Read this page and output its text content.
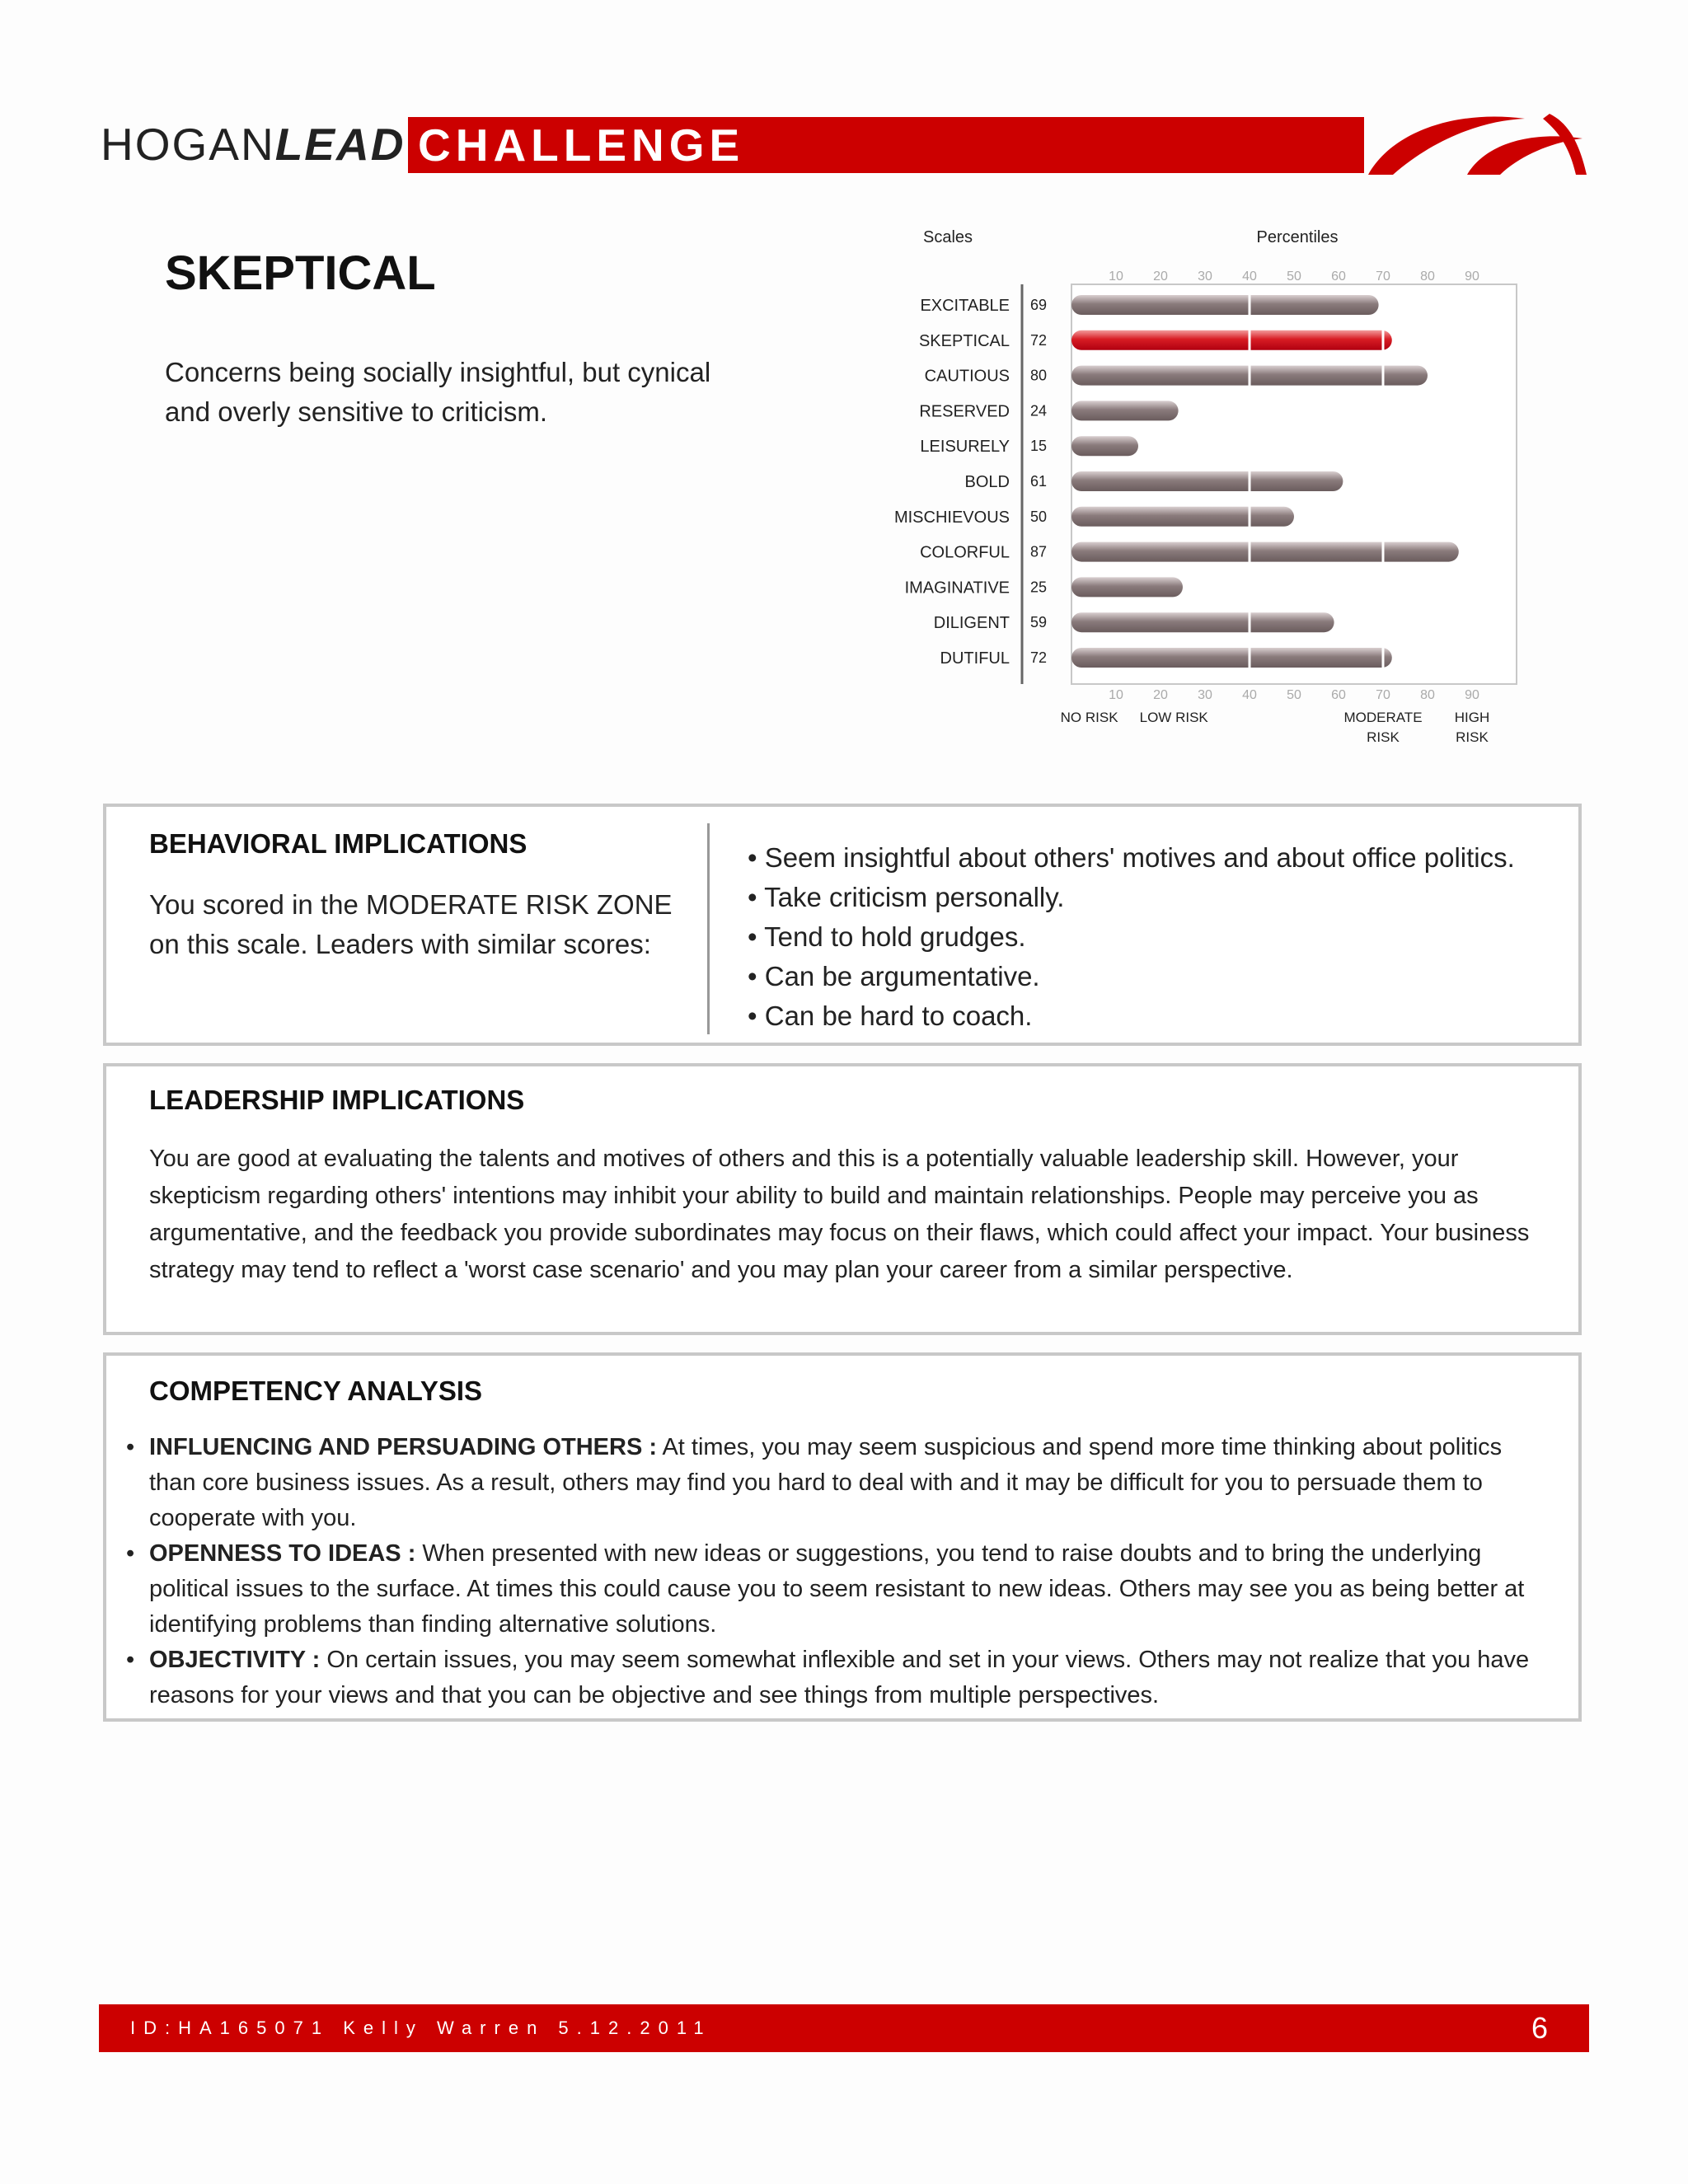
HOGANLEAD CHALLENGE
SKEPTICAL
Concerns being socially insightful, but cynical and overly sensitive to criticism.
Scales	Percentiles
10
10
20
20
30
30
40
40
50
50
60
60
70
70
80
80
90
90
EXCITABLE 69
SKEPTICAL 72
CAUTIOUS 80
RESERVED 24
LEISURELY 15
BOLD 61
MISCHIEVOUS 50
COLORFUL 87
IMAGINATIVE 25
DILIGENT 59
DUTIFUL 72
NO RISK LOW RISK	MODERATE
RISK
HIGH
RISK
BEHAVIORAL IMPLICATIONS
You scored in the MODERATE RISK ZONE on this scale. Leaders with similar scores:
• Seem insightful about others' motives and about office politics.
• Take criticism personally.
• Tend to hold grudges.
• Can be argumentative.
• Can be hard to coach.
LEADERSHIP IMPLICATIONS
You are good at evaluating the talents and motives of others and this is a potentially valuable leadership skill. However, your skepticism regarding others' intentions may inhibit your ability to build and maintain relationships. People may perceive you as argumentative, and the feedback you provide subordinates may focus on their flaws, which could affect your impact. Your business strategy may tend to reflect a 'worst case scenario' and you may plan your career from a similar perspective.
COMPETENCY ANALYSIS
• INFLUENCING AND PERSUADING OTHERS : At times, you may seem suspicious and spend more time thinking about politics than core business issues. As a result, others may find you hard to deal with and it may be difficult for you to persuade them to cooperate with you.
• OPENNESS TO IDEAS : When presented with new ideas or suggestions, you tend to raise doubts and to bring the underlying political issues to the surface. At times this could cause you to seem resistant to new ideas. Others may see you as being better at identifying problems than finding alternative solutions.
• OBJECTIVITY : On certain issues, you may seem somewhat inflexible and set in your views. Others may not realize that you have reasons for your views and that you can be objective and see things from multiple perspectives.
ID:HA165071 Kelly Warren 5.12.2011	6
